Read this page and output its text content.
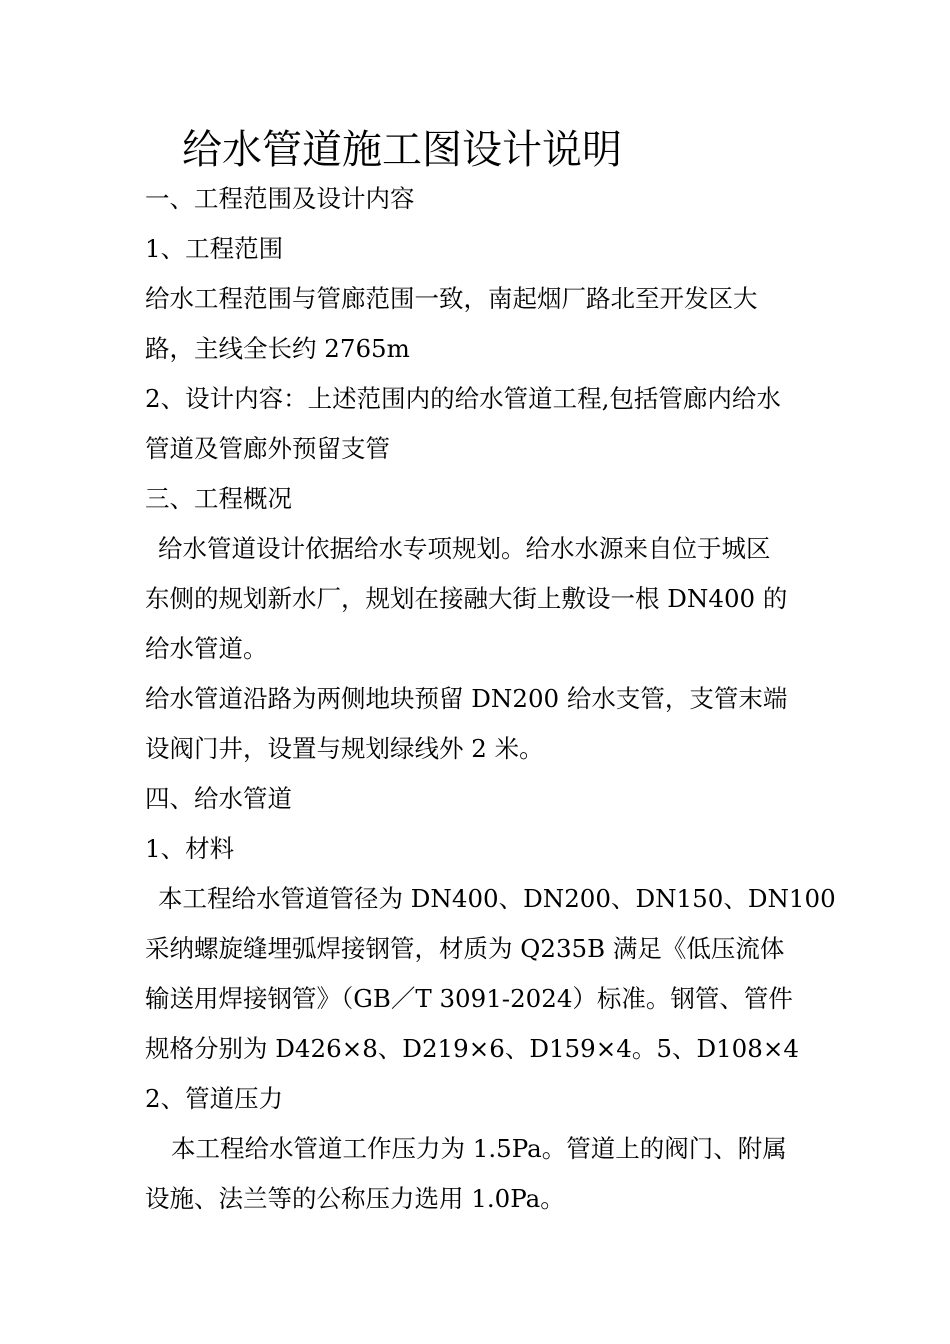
给水管道施工图设计说明

一、工程范围及设计内容

1、工程范围

给水工程范围与管廊范围一致，南起烟厂路北至开发区大

路，主线全长约 2765m

2、设计内容：上述范围内的给水管道工程,包括管廊内给水

管道及管廊外预留支管

三、工程概况

给水管道设计依据给水专项规划。给水水源来自位于城区

东侧的规划新水厂，规划在接融大街上敷设一根 DN400 的

给水管道。

给水管道沿路为两侧地块预留 DN200 给水支管，支管末端

设阀门井，设置与规划绿线外 2 米。

四、给水管道

1、材料

本工程给水管道管径为 DN400、DN200、DN150、DN100

采纳螺旋缝埋弧焊接钢管，材质为 Q235B 满足《低压流体

输送用焊接钢管》（GB／T 3091-2024）标准。钢管、管件

规格分别为 D426×8、D219×6、D159×4。5、D108×4

2、管道压力

本工程给水管道工作压力为 1.5Pa。管道上的阀门、附属

设施、法兰等的公称压力选用 1.0Pa。
